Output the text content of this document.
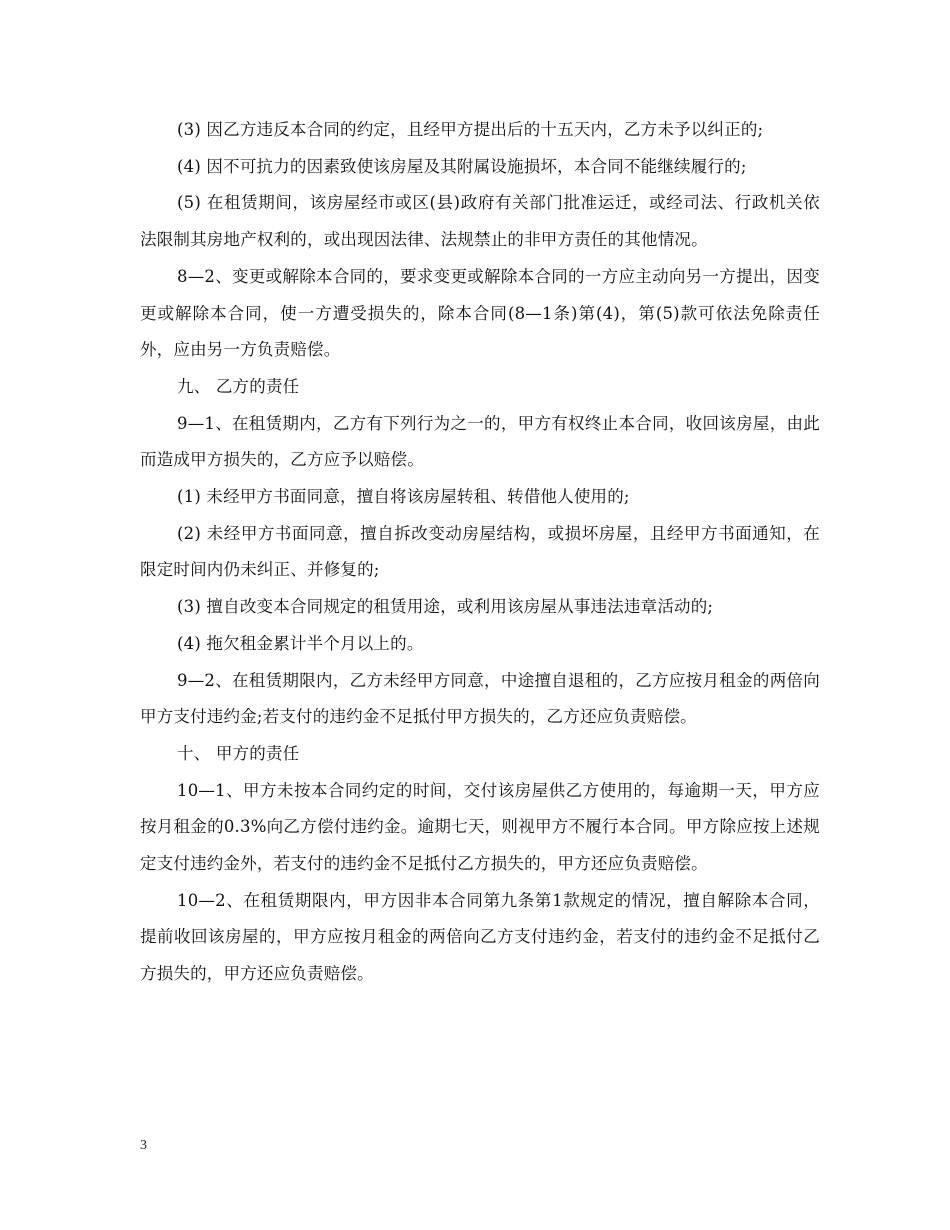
(3) 因乙方违反本合同的约定，且经甲方提出后的十五天内，乙方未予以纠正的;

(4) 因不可抗力的因素致使该房屋及其附属设施损坏，本合同不能继续履行的;

(5) 在租赁期间，该房屋经市或区(县)政府有关部门批准运迁，或经司法、行政机关依法限制其房地产权利的，或出现因法律、法规禁止的非甲方责任的其他情况。

8—2、变更或解除本合同的，要求变更或解除本合同的一方应主动向另一方提出，因变更或解除本合同，使一方遭受损失的，除本合同(8—1条)第(4)，第(5)款可依法免除责任外，应由另一方负责赔偿。

九、 乙方的责任

9—1、在租赁期内，乙方有下列行为之一的，甲方有权终止本合同，收回该房屋，由此而造成甲方损失的，乙方应予以赔偿。

(1) 未经甲方书面同意，擅自将该房屋转租、转借他人使用的;

(2) 未经甲方书面同意，擅自拆改变动房屋结构，或损坏房屋，且经甲方书面通知，在限定时间内仍未纠正、并修复的;

(3) 擅自改变本合同规定的租赁用途，或利用该房屋从事违法违章活动的;

(4) 拖欠租金累计半个月以上的。

9—2、在租赁期限内，乙方未经甲方同意，中途擅自退租的，乙方应按月租金的两倍向甲方支付违约金;若支付的违约金不足抵付甲方损失的，乙方还应负责赔偿。

十、 甲方的责任

10—1、甲方未按本合同约定的时间，交付该房屋供乙方使用的，每逾期一天，甲方应按月租金的0.3%向乙方偿付违约金。逾期七天，则视甲方不履行本合同。甲方除应按上述规定支付违约金外，若支付的违约金不足抵付乙方损失的，甲方还应负责赔偿。

10—2、在租赁期限内，甲方因非本合同第九条第1款规定的情况，擅自解除本合同，提前收回该房屋的，甲方应按月租金的两倍向乙方支付违约金，若支付的违约金不足抵付乙方损失的，甲方还应负责赔偿。

3
